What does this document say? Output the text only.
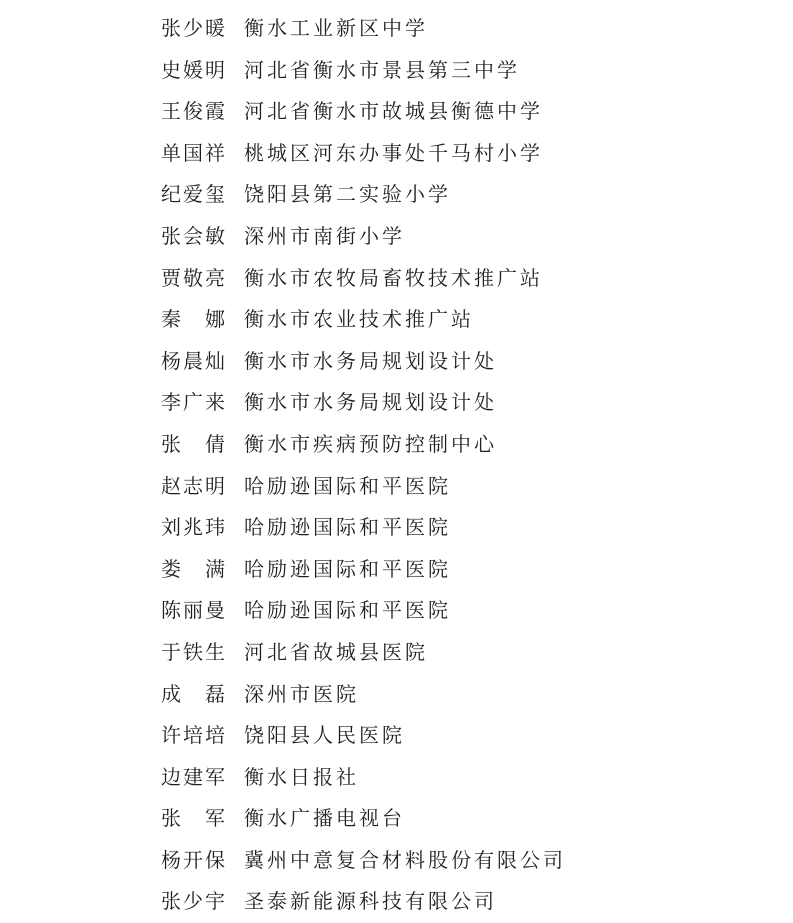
张少暖 衡水工业新区中学
史媛明 河北省衡水市景县第三中学
王俊霞 河北省衡水市故城县衡德中学
单国祥 桃城区河东办事处千马村小学
纪爱玺 饶阳县第二实验小学
张会敏 深州市南街小学
贾敬亮 衡水市农牧局畜牧技术推广站
秦　娜 衡水市农业技术推广站
杨晨灿 衡水市水务局规划设计处
李广来 衡水市水务局规划设计处
张　倩 衡水市疾病预防控制中心
赵志明 哈励逊国际和平医院
刘兆玮 哈励逊国际和平医院
娄　满 哈励逊国际和平医院
陈丽曼 哈励逊国际和平医院
于铁生 河北省故城县医院
成　磊 深州市医院
许培培 饶阳县人民医院
边建军 衡水日报社
张　军 衡水广播电视台
杨开保 冀州中意复合材料股份有限公司
张少宇 圣泰新能源科技有限公司
